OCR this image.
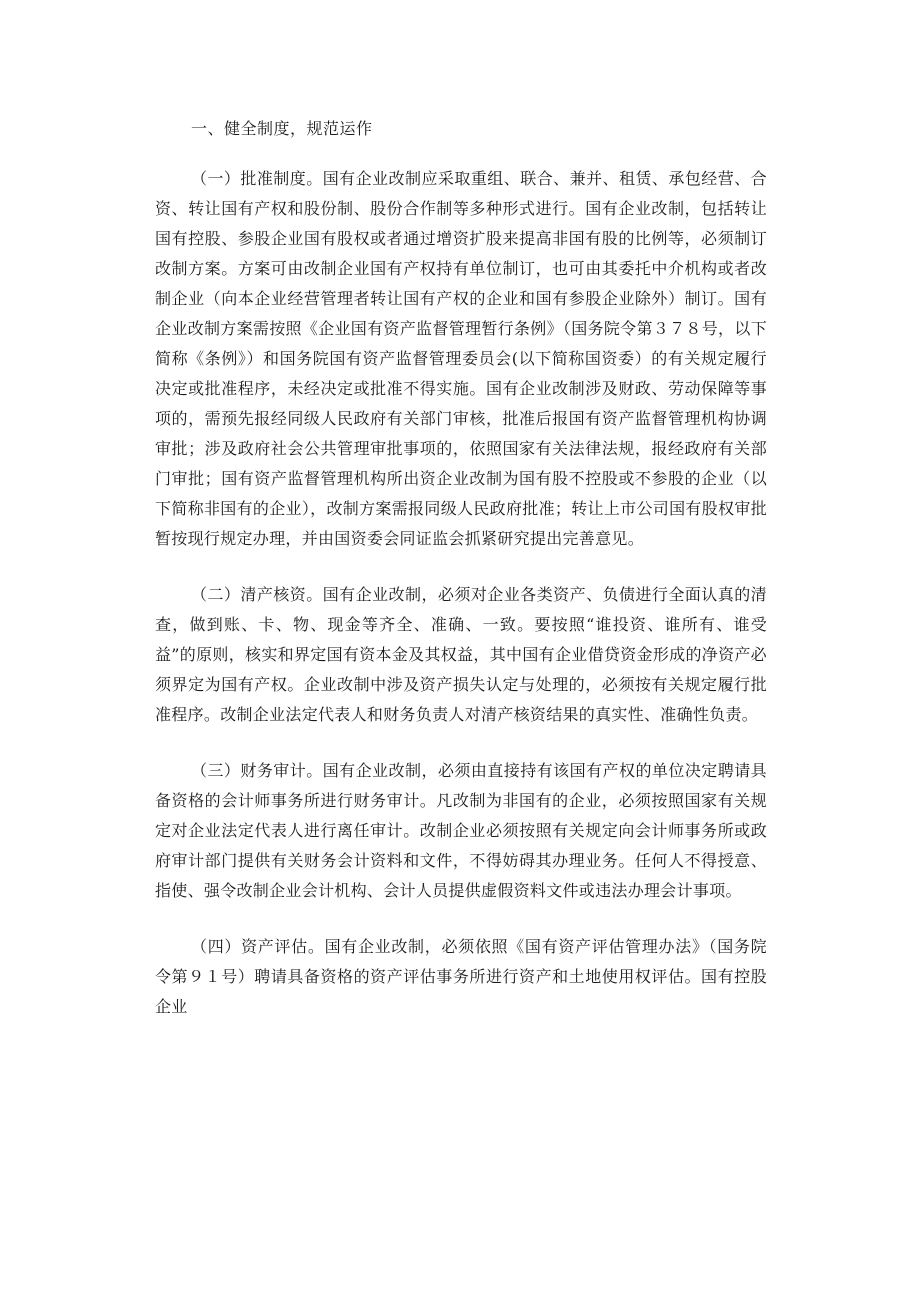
一、健全制度，规范运作

（一）批准制度。国有企业改制应采取重组、联合、兼并、租赁、承包经营、合资、转让国有产权和股份制、股份合作制等多种形式进行。国有企业改制，包括转让国有控股、参股企业国有股权或者通过增资扩股来提高非国有股的比例等，必须制订改制方案。方案可由改制企业国有产权持有单位制订，也可由其委托中介机构或者改制企业（向本企业经营管理者转让国有产权的企业和国有参股企业除外）制订。国有企业改制方案需按照《企业国有资产监督管理暂行条例》（国务院令第３７８号，以下简称《条例》）和国务院国有资产监督管理委员会(以下简称国资委）的有关规定履行决定或批准程序，未经决定或批准不得实施。国有企业改制涉及财政、劳动保障等事项的，需预先报经同级人民政府有关部门审核，批准后报国有资产监督管理机构协调审批；涉及政府社会公共管理审批事项的，依照国家有关法律法规，报经政府有关部门审批；国有资产监督管理机构所出资企业改制为国有股不控股或不参股的企业（以下简称非国有的企业），改制方案需报同级人民政府批准；转让上市公司国有股权审批暂按现行规定办理，并由国资委会同证监会抓紧研究提出完善意见。

（二）清产核资。国有企业改制，必须对企业各类资产、负债进行全面认真的清查，做到账、卡、物、现金等齐全、准确、一致。要按照“谁投资、谁所有、谁受益”的原则，核实和界定国有资本金及其权益，其中国有企业借贷资金形成的净资产必须界定为国有产权。企业改制中涉及资产损失认定与处理的，必须按有关规定履行批准程序。改制企业法定代表人和财务负责人对清产核资结果的真实性、准确性负责。

（三）财务审计。国有企业改制，必须由直接持有该国有产权的单位决定聘请具备资格的会计师事务所进行财务审计。凡改制为非国有的企业，必须按照国家有关规定对企业法定代表人进行离任审计。改制企业必须按照有关规定向会计师事务所或政府审计部门提供有关财务会计资料和文件，不得妨碍其办理业务。任何人不得授意、指使、强令改制企业会计机构、会计人员提供虚假资料文件或违法办理会计事项。

（四）资产评估。国有企业改制，必须依照《国有资产评估管理办法》（国务院令第９１号）聘请具备资格的资产评估事务所进行资产和土地使用权评估。国有控股企业
